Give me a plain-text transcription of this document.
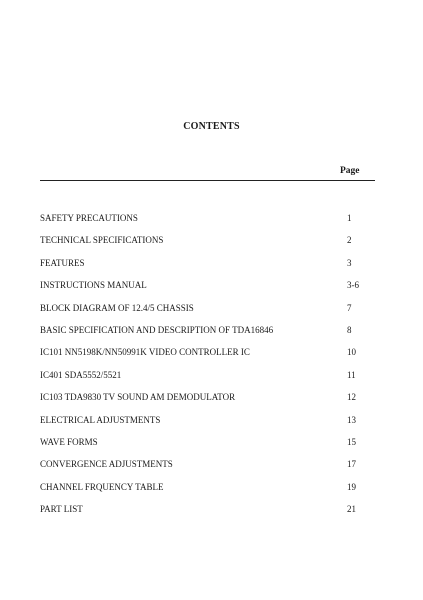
CONTENTS
Page
SAFETY PRECAUTIONS	1
TECHNICAL SPECIFICATIONS	2
FEATURES	3
INSTRUCTIONS MANUAL	3-6
BLOCK DIAGRAM OF 12.4/5 CHASSIS	7
BASIC SPECIFICATION AND DESCRIPTION OF TDA16846	8
IC101 NN5198K/NN50991K VIDEO CONTROLLER IC	10
IC401 SDA5552/5521	11
IC103 TDA9830 TV SOUND AM DEMODULATOR	12
ELECTRICAL ADJUSTMENTS	13
WAVE FORMS	15
CONVERGENCE ADJUSTMENTS	17
CHANNEL FRQUENCY TABLE	19
PART LIST	21
